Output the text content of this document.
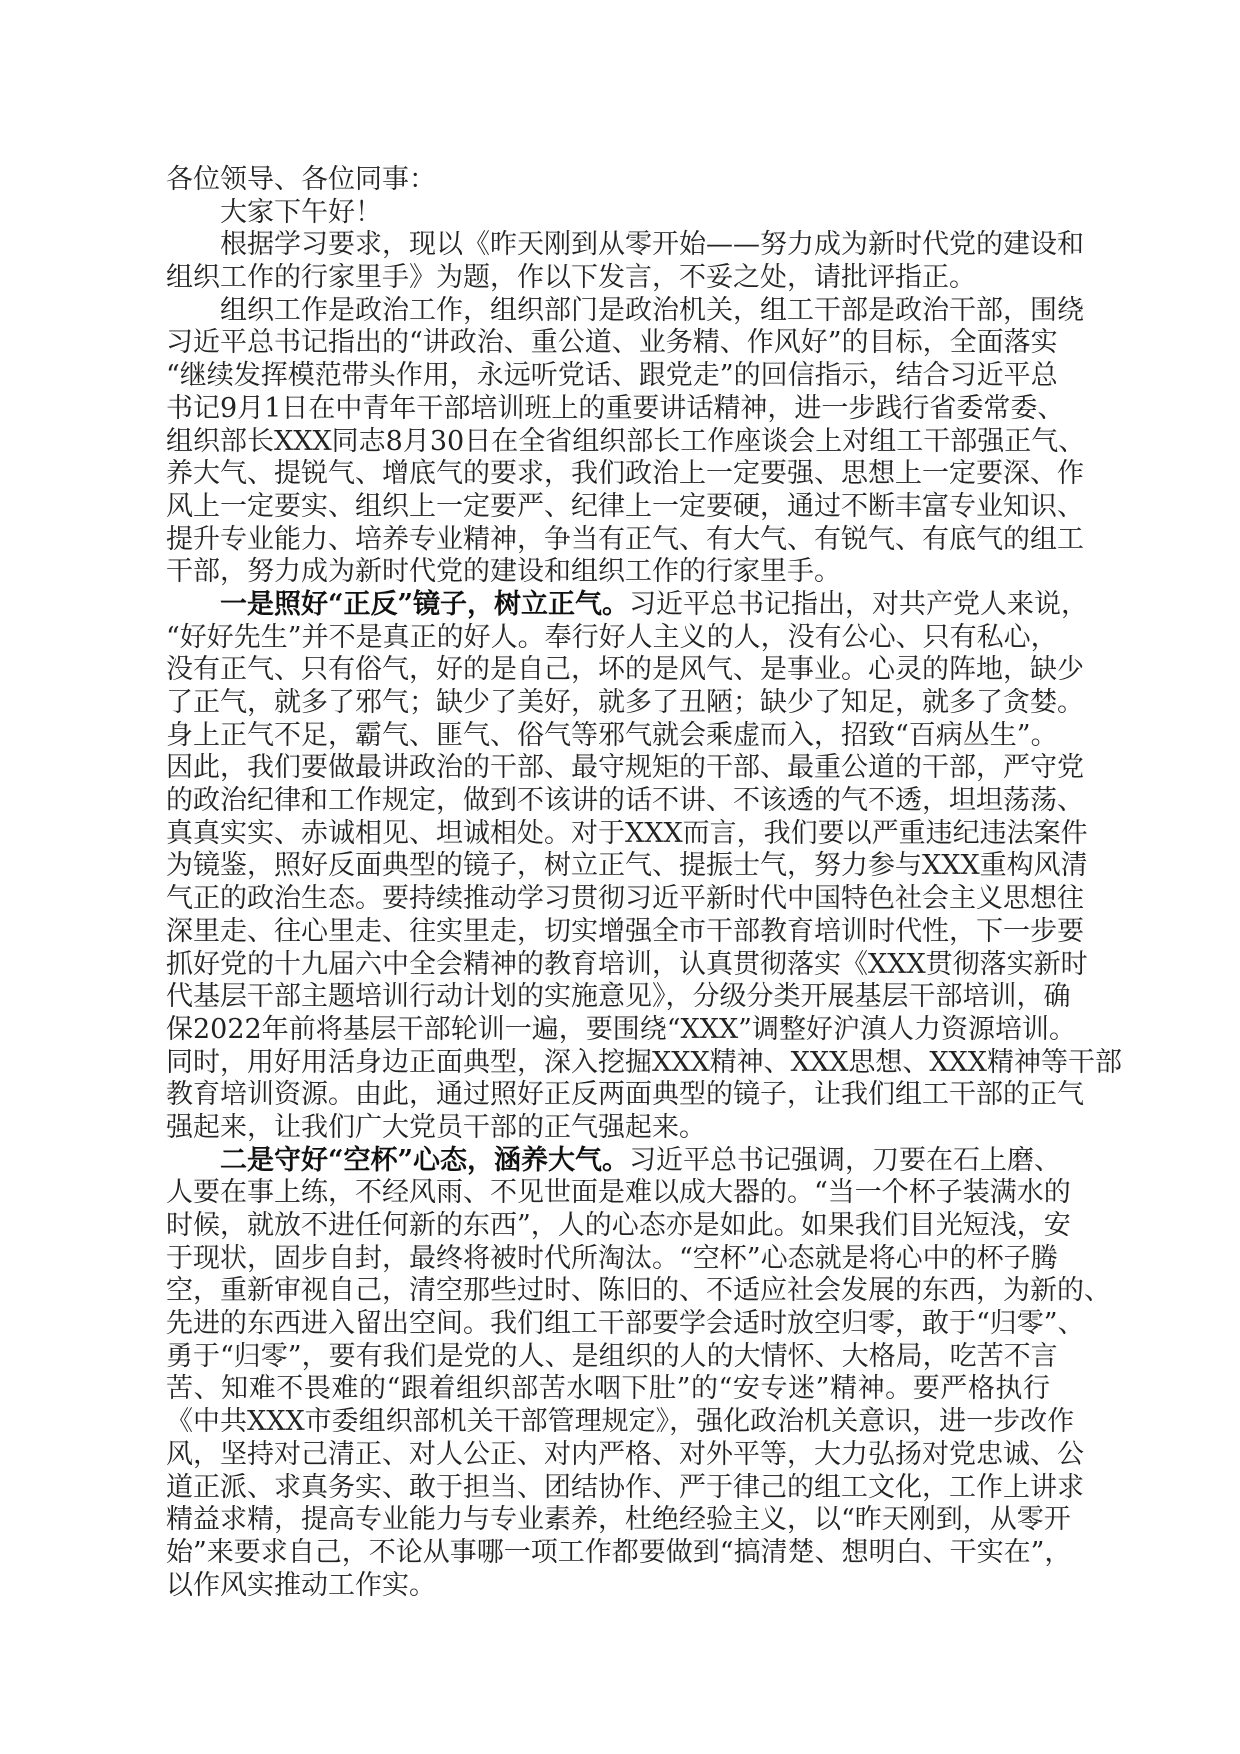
各位领导、各位同事：
大家下午好！
根据学习要求，现以《昨天刚到从零开始——努力成为新时代党的建设和
组织工作的行家里手》为题，作以下发言，不妥之处，请批评指正。
组织工作是政治工作，组织部门是政治机关，组工干部是政治干部，围绕
习近平总书记指出的“讲政治、重公道、业务精、作风好”的目标，全面落实
“继续发挥模范带头作用，永远听党话、跟党走”的回信指示，结合习近平总
书记9月1日在中青年干部培训班上的重要讲话精神，进一步践行省委常委、
组织部长XXX同志8月30日在全省组织部长工作座谈会上对组工干部强正气、
养大气、提锐气、增底气的要求，我们政治上一定要强、思想上一定要深、作
风上一定要实、组织上一定要严、纪律上一定要硬，通过不断丰富专业知识、
提升专业能力、培养专业精神，争当有正气、有大气、有锐气、有底气的组工
干部，努力成为新时代党的建设和组织工作的行家里手。
一是照好“正反”镜子，树立正气。习近平总书记指出，对共产党人来说，
“好好先生”并不是真正的好人。奉行好人主义的人，没有公心、只有私心，
没有正气、只有俗气，好的是自己，坏的是风气、是事业。心灵的阵地，缺少
了正气，就多了邪气；缺少了美好，就多了丑陋；缺少了知足，就多了贪婪。
身上正气不足，霸气、匪气、俗气等邪气就会乘虚而入，招致“百病丛生”。
因此，我们要做最讲政治的干部、最守规矩的干部、最重公道的干部，严守党
的政治纪律和工作规定，做到不该讲的话不讲、不该透的气不透，坦坦荡荡、
真真实实、赤诚相见、坦诚相处。对于XXX而言，我们要以严重违纪违法案件
为镜鉴，照好反面典型的镜子，树立正气、提振士气，努力参与XXX重构风清
气正的政治生态。要持续推动学习贯彻习近平新时代中国特色社会主义思想往
深里走、往心里走、往实里走，切实增强全市干部教育培训时代性，下一步要
抓好党的十九届六中全会精神的教育培训，认真贯彻落实《XXX贯彻落实新时
代基层干部主题培训行动计划的实施意见》，分级分类开展基层干部培训，确
保2022年前将基层干部轮训一遍，要围绕“XXX”调整好沪滇人力资源培训。
同时，用好用活身边正面典型，深入挖掘XXX精神、XXX思想、XXX精神等干部
教育培训资源。由此，通过照好正反两面典型的镜子，让我们组工干部的正气
强起来，让我们广大党员干部的正气强起来。
二是守好“空杯”心态，涵养大气。习近平总书记强调，刀要在石上磨、
人要在事上练，不经风雨、不见世面是难以成大器的。“当一个杯子装满水的
时候，就放不进任何新的东西”，人的心态亦是如此。如果我们目光短浅，安
于现状，固步自封，最终将被时代所淘汰。“空杯”心态就是将心中的杯子腾
空，重新审视自己，清空那些过时、陈旧的、不适应社会发展的东西，为新的、
先进的东西进入留出空间。我们组工干部要学会适时放空归零，敢于“归零”、
勇于“归零”，要有我们是党的人、是组织的人的大情怀、大格局，吃苦不言
苦、知难不畏难的“跟着组织部苦水咽下肚”的“安专迷”精神。要严格执行
《中共XXX市委组织部机关干部管理规定》，强化政治机关意识，进一步改作
风，坚持对己清正、对人公正、对内严格、对外平等，大力弘扬对党忠诚、公
道正派、求真务实、敢于担当、团结协作、严于律己的组工文化，工作上讲求
精益求精，提高专业能力与专业素养，杜绝经验主义，以“昨天刚到，从零开
始”来要求自己，不论从事哪一项工作都要做到“搞清楚、想明白、干实在”，
以作风实推动工作实。
